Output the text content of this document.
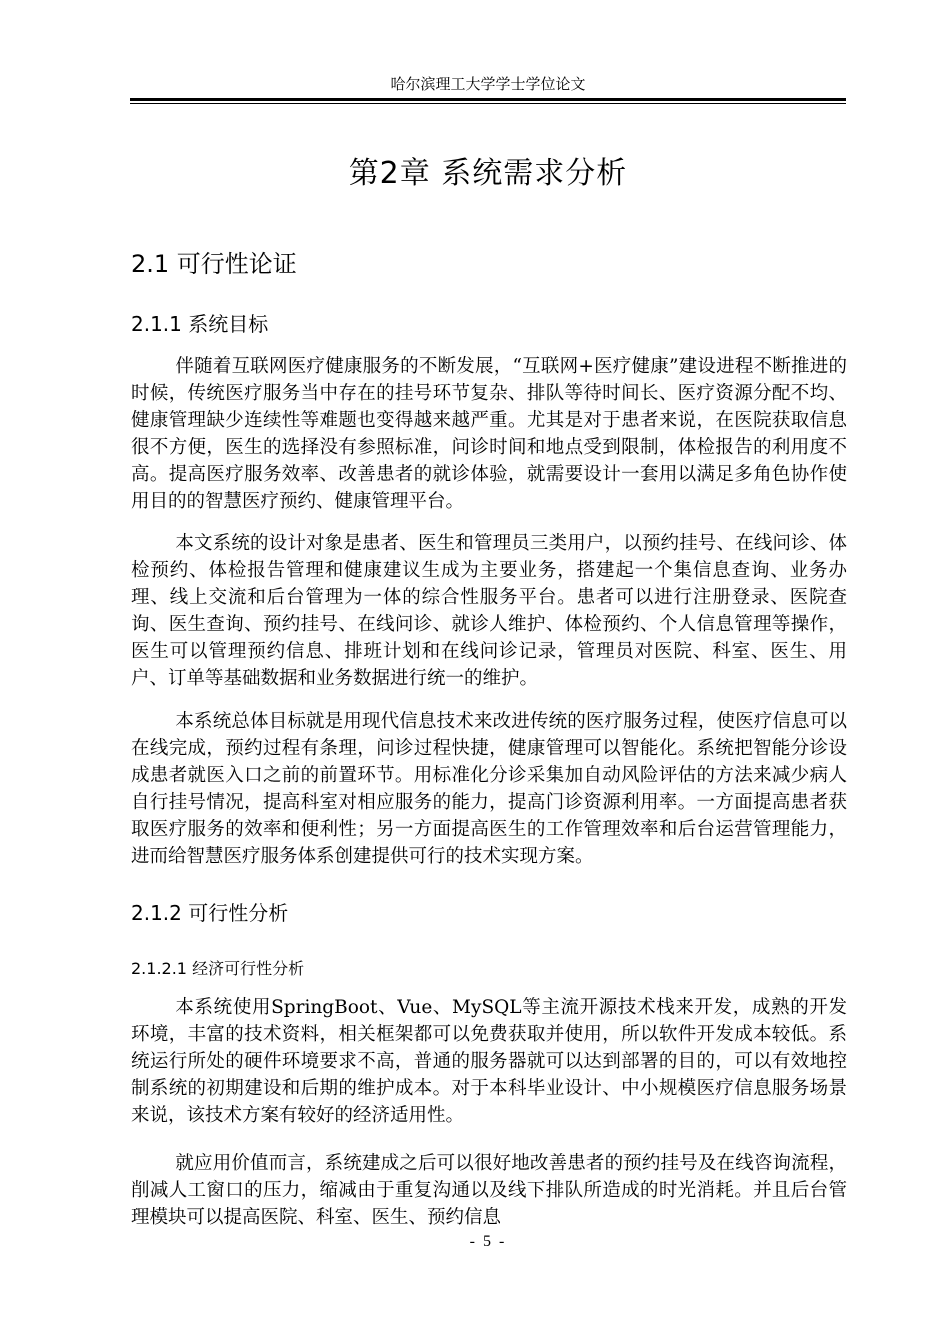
哈尔滨理工大学学士学位论文
第2章 系统需求分析
2.1 可行性论证
2.1.1 系统目标

伴随着互联网医疗健康服务的不断发展，“互联网+医疗健康”建设进程不断推进的时候，传统医疗服务当中存在的挂号环节复杂、排队等待时间长、医疗资源分配不均、健康管理缺少连续性等难题也变得越来越严重。尤其是对于患者来说，在医院获取信息很不方便，医生的选择没有参照标准，问诊时间和地点受到限制，体检报告的利用度不高。提高医疗服务效率、改善患者的就诊体验，就需要设计一套用以满足多角色协作使用目的的智慧医疗预约、健康管理平台。

本文系统的设计对象是患者、医生和管理员三类用户，以预约挂号、在线问诊、体检预约、体检报告管理和健康建议生成为主要业务，搭建起一个集信息查询、业务办理、线上交流和后台管理为一体的综合性服务平台。患者可以进行注册登录、医院查询、医生查询、预约挂号、在线问诊、就诊人维护、体检预约、个人信息管理等操作，医生可以管理预约信息、排班计划和在线问诊记录，管理员对医院、科室、医生、用户、订单等基础数据和业务数据进行统一的维护。

本系统总体目标就是用现代信息技术来改进传统的医疗服务过程，使医疗信息可以在线完成，预约过程有条理，问诊过程快捷，健康管理可以智能化。系统把智能分诊设成患者就医入口之前的前置环节。用标准化分诊采集加自动风险评估的方法来减少病人自行挂号情况，提高科室对相应服务的能力，提高门诊资源利用率。一方面提高患者获取医疗服务的效率和便利性；另一方面提高医生的工作管理效率和后台运营管理能力，进而给智慧医疗服务体系创建提供可行的技术实现方案。

2.1.2 可行性分析
2.1.2.1 经济可行性分析

本系统使用SpringBoot、Vue、MySQL等主流开源技术栈来开发，成熟的开发环境，丰富的技术资料，相关框架都可以免费获取并使用，所以软件开发成本较低。系统运行所处的硬件环境要求不高，普通的服务器就可以达到部署的目的，可以有效地控制系统的初期建设和后期的维护成本。对于本科毕业设计、中小规模医疗信息服务场景来说，该技术方案有较好的经济适用性。

就应用价值而言，系统建成之后可以很好地改善患者的预约挂号及在线咨询流程，削减人工窗口的压力，缩减由于重复沟通以及线下排队所造成的时光消耗。并且后台管理模块可以提高医院、科室、医生、预约信息

- 5 -
